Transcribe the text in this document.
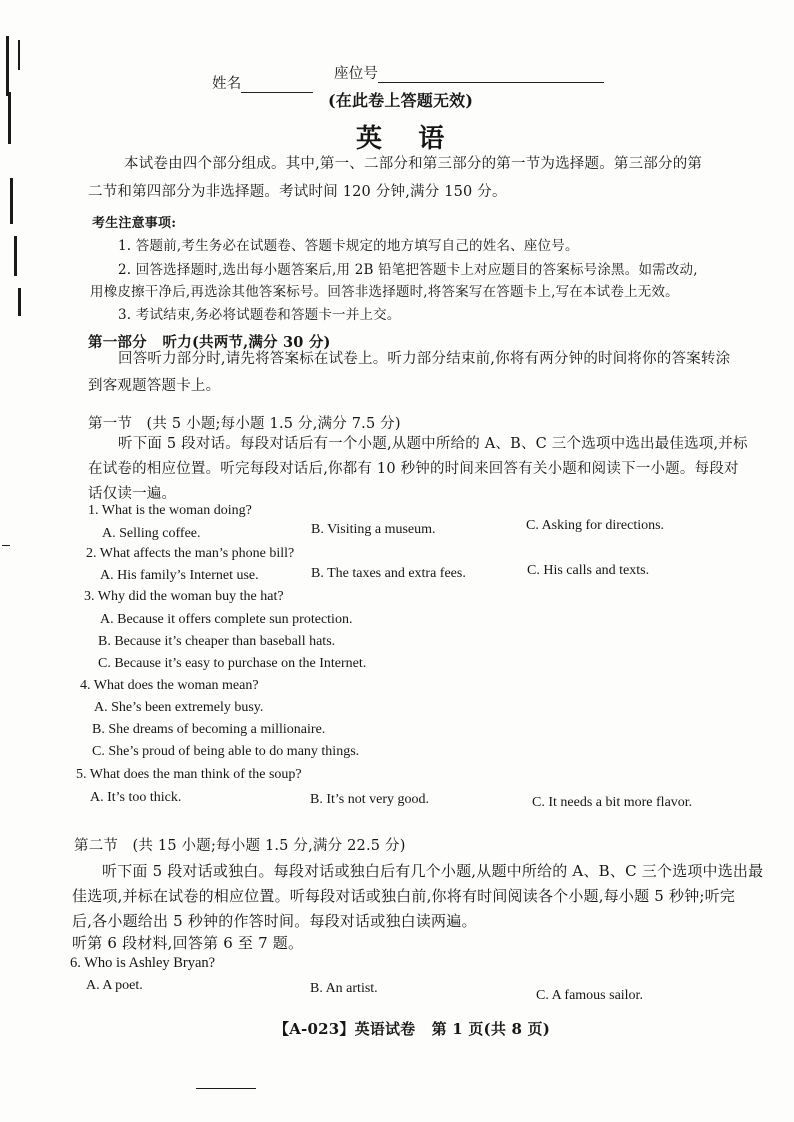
姓名
座位号
(在此卷上答题无效)
英    语
本试卷由四个部分组成。其中,第一、二部分和第三部分的第一节为选择题。第三部分的第
二节和第四部分为非选择题。考试时间 120 分钟,满分 150 分。
考生注意事项:
1. 答题前,考生务必在试题卷、答题卡规定的地方填写自己的姓名、座位号。
2. 回答选择题时,选出每小题答案后,用 2B 铅笔把答题卡上对应题目的答案标号涂黑。如需改动,
用橡皮擦干净后,再选涂其他答案标号。回答非选择题时,将答案写在答题卡上,写在本试卷上无效。
3. 考试结束,务必将试题卷和答题卡一并上交。
第一部分   听力(共两节,满分 30 分)
回答听力部分时,请先将答案标在试卷上。听力部分结束前,你将有两分钟的时间将你的答案转涂
到客观题答题卡上。
第一节   (共 5 小题;每小题 1.5 分,满分 7.5 分)
听下面 5 段对话。每段对话后有一个小题,从题中所给的 A、B、C 三个选项中选出最佳选项,并标
在试卷的相应位置。听完每段对话后,你都有 10 秒钟的时间来回答有关小题和阅读下一小题。每段对
话仅读一遍。
1. What is the woman doing?
A. Selling coffee.	B. Visiting a museum.	C. Asking for directions.
2. What affects the man’s phone bill?
A. His family’s Internet use.	B. The taxes and extra fees.	C. His calls and texts.
3. Why did the woman buy the hat?
A. Because it offers complete sun protection.
B. Because it’s cheaper than baseball hats.
C. Because it’s easy to purchase on the Internet.
4. What does the woman mean?
A. She’s been extremely busy.
B. She dreams of becoming a millionaire.
C. She’s proud of being able to do many things.
5. What does the man think of the soup?
A. It’s too thick.	B. It’s not very good.	C. It needs a bit more flavor.
第二节   (共 15 小题;每小题 1.5 分,满分 22.5 分)
听下面 5 段对话或独白。每段对话或独白后有几个小题,从题中所给的 A、B、C 三个选项中选出最
佳选项,并标在试卷的相应位置。听每段对话或独白前,你将有时间阅读各个小题,每小题 5 秒钟;听完
后,各小题给出 5 秒钟的作答时间。每段对话或独白读两遍。
听第 6 段材料,回答第 6 至 7 题。
6. Who is Ashley Bryan?
A. A poet.	B. An artist.	C. A famous sailor.
【A-023】英语试卷   第 1 页(共 8 页)
